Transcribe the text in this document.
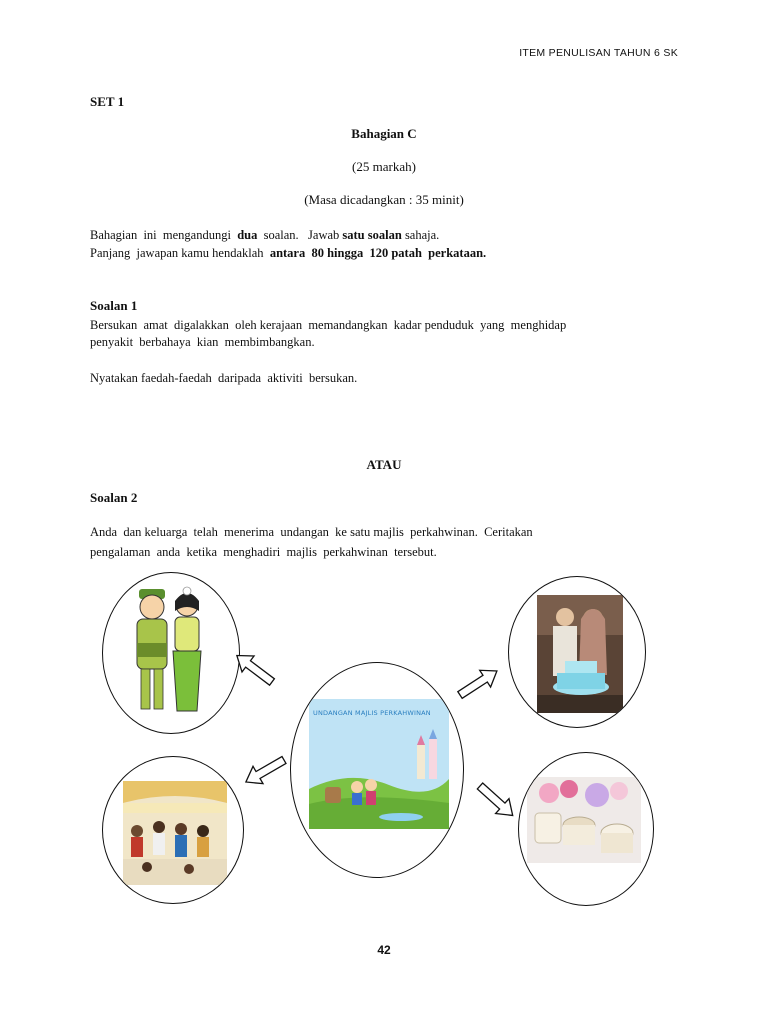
ITEM PENULISAN TAHUN 6 SK
SET 1
Bahagian C
(25 markah)
(Masa dicadangkan : 35 minit)
Bahagian  ini  mengandungi  dua  soalan.   Jawab satu soalan sahaja.
Panjang  jawapan kamu hendaklah  antara  80 hingga  120 patah  perkataan.
Soalan 1
Bersukan  amat  digalakkan  oleh kerajaan  memandangkan  kadar penduduk  yang  menghidap
penyakit  berbahaya  kian  membimbangkan.
Nyatakan faedah-faedah  daripada  aktiviti  bersukan.
ATAU
Soalan 2
Anda  dan keluarga  telah  menerima  undangan  ke satu majlis  perkahwinan.  Ceritakan
pengalaman  anda  ketika  menghadiri  majlis  perkahwinan  tersebut.
UNDANGAN MAJLIS PERKAHWINAN
42
